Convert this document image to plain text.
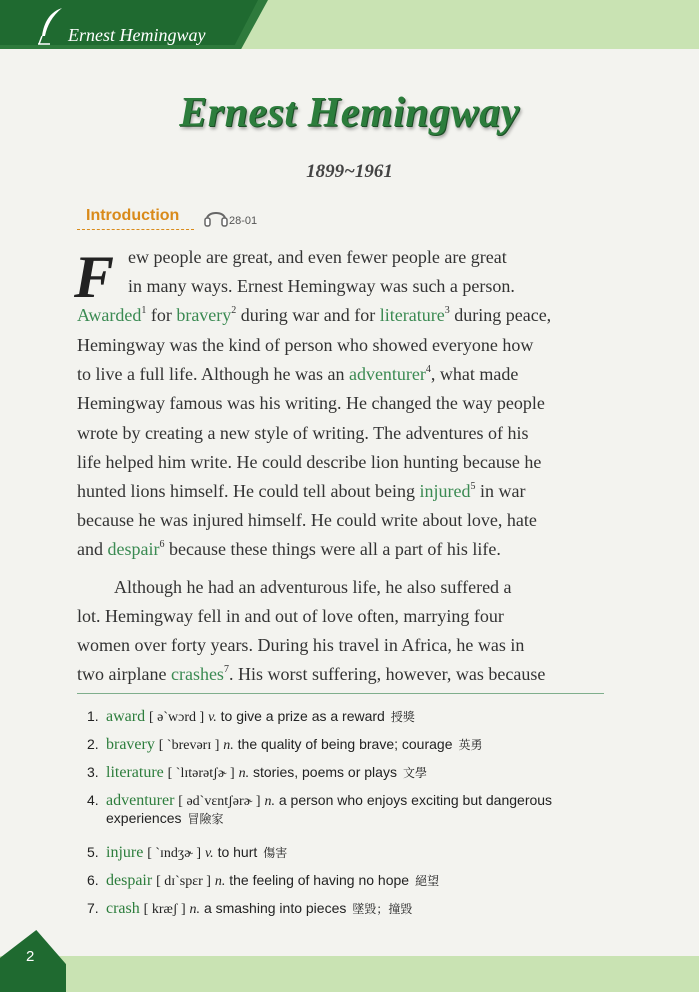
Ernest Hemingway
Ernest Hemingway
1899~1961
Introduction	28-01
F ew people are great, and even fewer people are great
in many ways. Ernest Hemingway was such a person.
Awarded$^1$ for bravery$^2$ during war and for literature$^3$ during peace,
Hemingway was the kind of person who showed everyone how
to live a full life. Although he was an adventurer$^4$, what made
Hemingway famous was his writing. He changed the way people
wrote by creating a new style of writing. The adventures of his
life helped him write. He could describe lion hunting because he
hunted lions himself. He could tell about being injured$^5$ in war
because he was injured himself. He could write about love, hate
and despair$^6$ because these things were all a part of his life.
Although he had an adventurous life, he also suffered a
lot. Hemingway fell in and out of love often, marrying four
women over forty years. During his travel in Africa, he was in
two airplane crashes$^7$. His worst suffering, however, was because
1. award [ əˋwɔrd ] v. to give a prize as a reward 授獎
2. bravery [ ˋbrevərɪ ] n. the quality of being brave; courage 英勇
3. literature [ ˋlɪtərətʃɚ ] n. stories, poems or plays 文學
4. adventurer [ ədˋvɛntʃərɚ ] n. a person who enjoys exciting but dangerous
5. injure [ ˋɪndʒɚ ] v. to hurt 傷害
6. despair [ dɪˋspɛr ] n. the feeling of having no hope 絕望
7. crash [ kræʃ ] n. a smashing into pieces 墜毀；撞毀
experiences 冒險家
2
